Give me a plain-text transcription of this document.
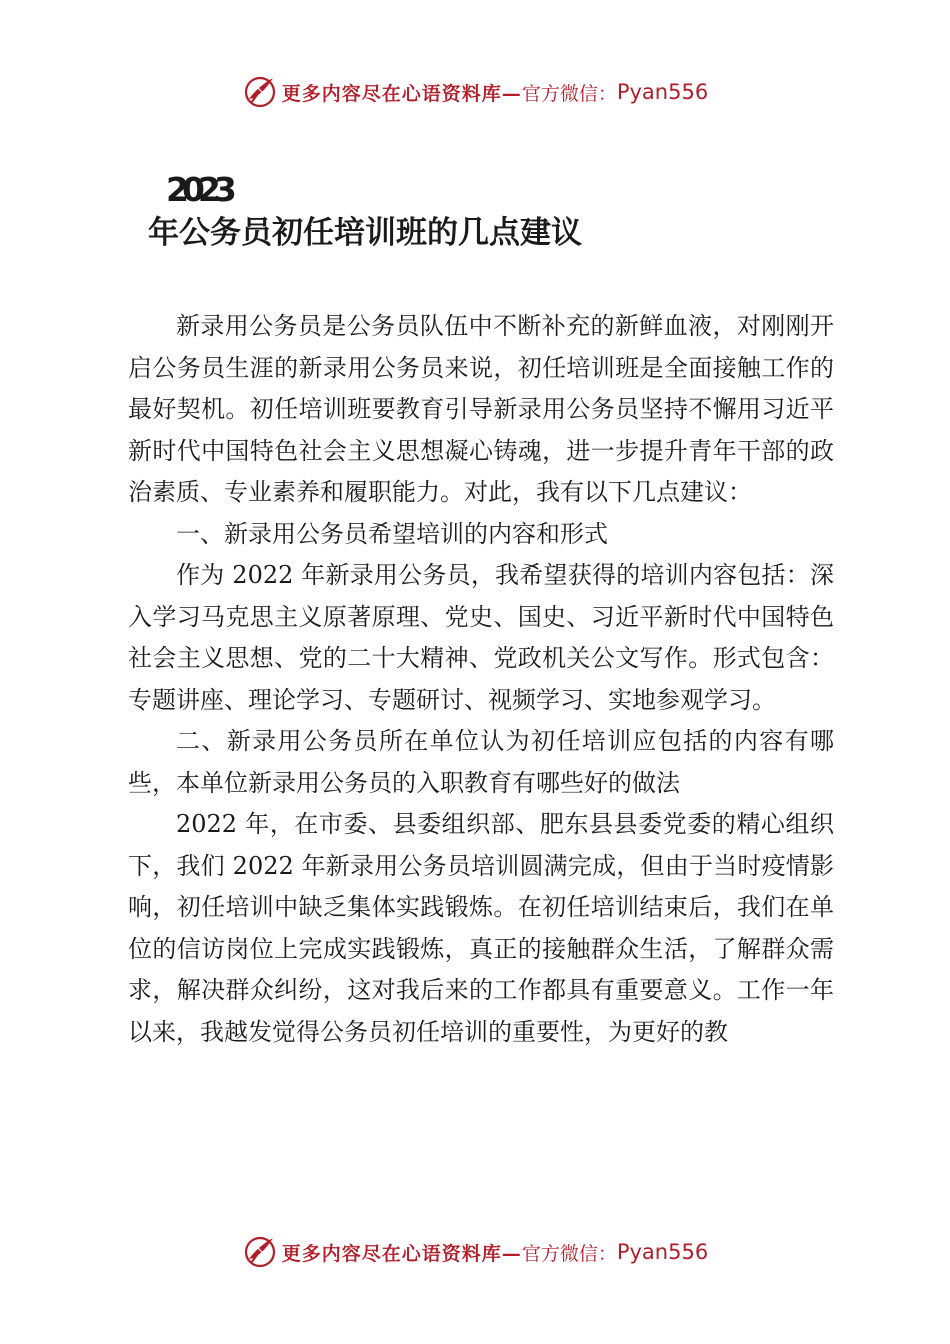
更多内容尽在心语资料库— 官方微信： Pyan556
2023
年公务员初任培训班的几点建议

新录用公务员是公务员队伍中不断补充的新鲜血液，对刚刚开启公务员生涯的新录用公务员来说，初任培训班是全面接触工作的最好契机。初任培训班要教育引导新录用公务员坚持不懈用习近平新时代中国特色社会主义思想凝心铸魂，进一步提升青年干部的政治素质、专业素养和履职能力。对此，我有以下几点建议：

一、新录用公务员希望培训的内容和形式

作为 2022 年新录用公务员，我希望获得的培训内容包括：深入学习马克思主义原著原理、党史、国史、习近平新时代中国特色社会主义思想、党的二十大精神、党政机关公文写作。形式包含：专题讲座、理论学习、专题研讨、视频学习、实地参观学习。

二、新录用公务员所在单位认为初任培训应包括的内容有哪些，本单位新录用公务员的入职教育有哪些好的做法

2022 年，在市委、县委组织部、肥东县县委党委的精心组织下，我们 2022 年新录用公务员培训圆满完成，但由于当时疫情影响，初任培训中缺乏集体实践锻炼。在初任培训结束后，我们在单位的信访岗位上完成实践锻炼，真正的接触群众生活，了解群众需求，解决群众纠纷，这对我后来的工作都具有重要意义。工作一年以来，我越发觉得公务员初任培训的重要性，为更好的教

更多内容尽在心语资料库— 官方微信： Pyan556
